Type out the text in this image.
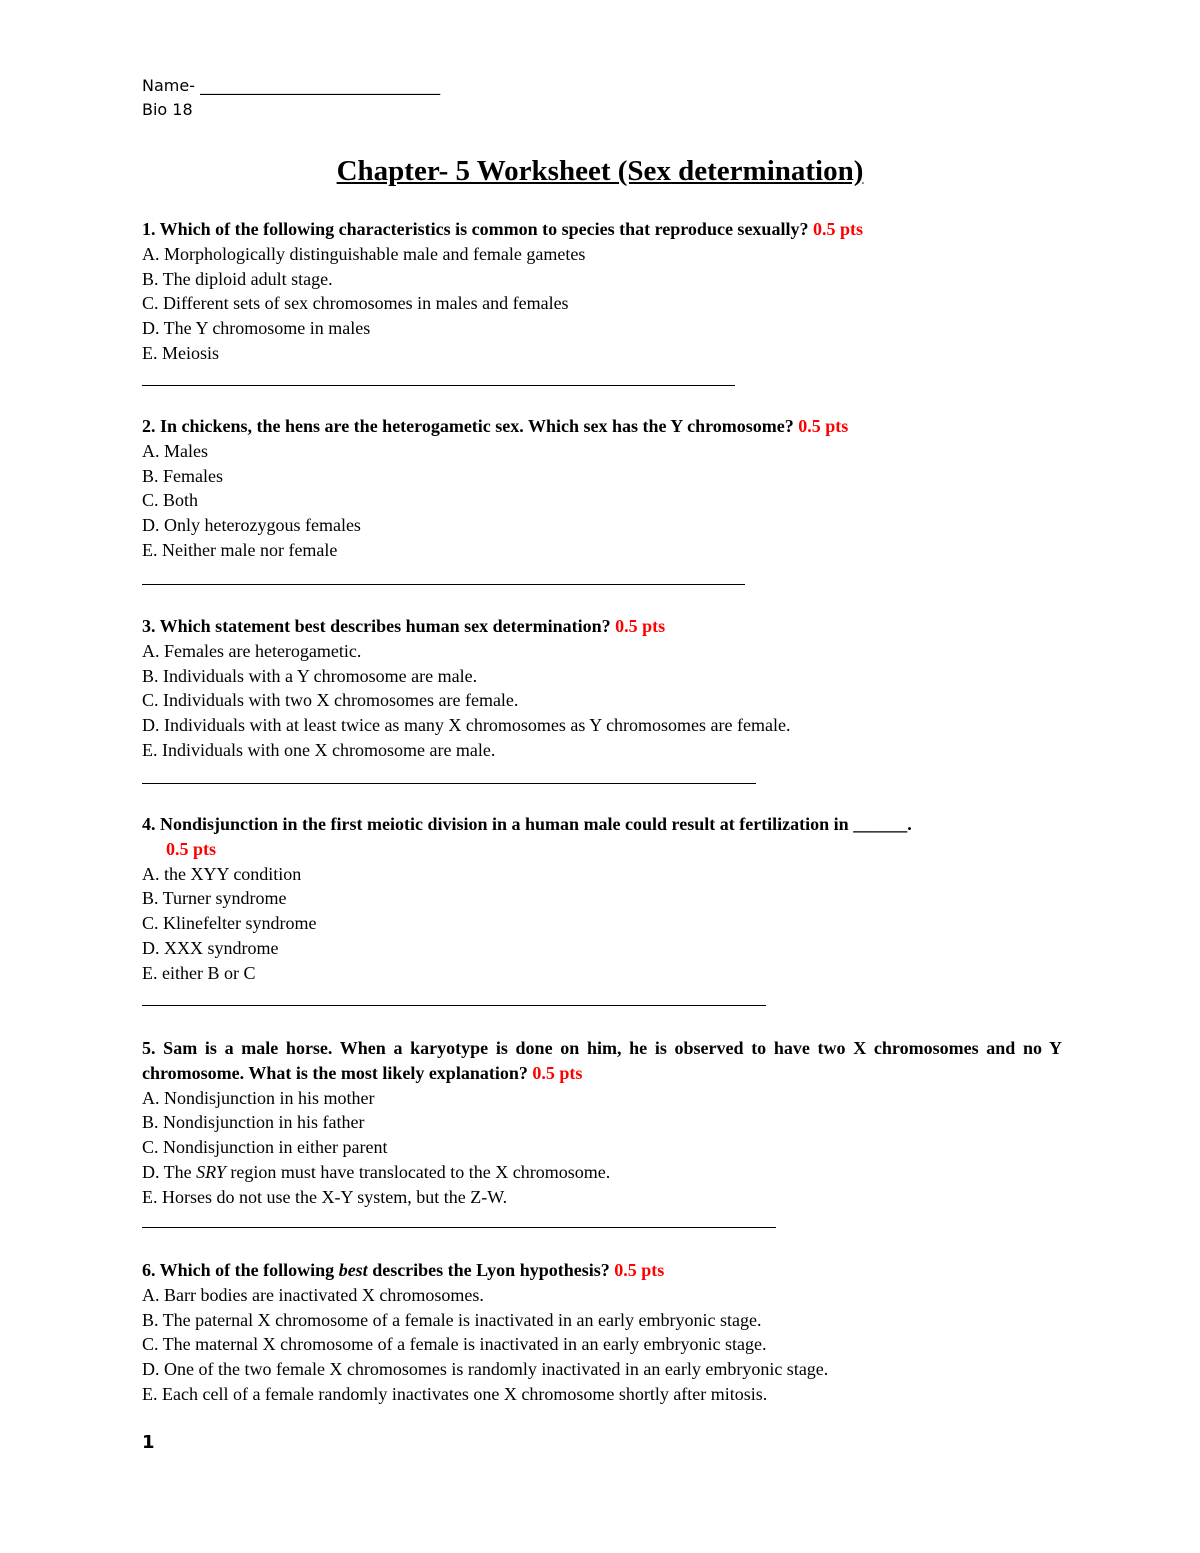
Name- ______________________________
Bio 18
Chapter- 5 Worksheet (Sex determination)
1. Which of the following characteristics is common to species that reproduce sexually? 0.5 pts
A. Morphologically distinguishable male and female gametes
B. The diploid adult stage.
C. Different sets of sex chromosomes in males and females
D. The Y chromosome in males
E. Meiosis
2. In chickens, the hens are the heterogametic sex. Which sex has the Y chromosome? 0.5 pts
A. Males
B. Females
C. Both
D. Only heterozygous females
E. Neither male nor female
3. Which statement best describes human sex determination? 0.5 pts
A. Females are heterogametic.
B. Individuals with a Y chromosome are male.
C. Individuals with two X chromosomes are female.
D. Individuals with at least twice as many X chromosomes as Y chromosomes are female.
E. Individuals with one X chromosome are male.
4. Nondisjunction in the first meiotic division in a human male could result at fertilization in ______.
0.5 pts
A. the XYY condition
B. Turner syndrome
C. Klinefelter syndrome
D. XXX syndrome
E. either B or C
5. Sam is a male horse. When a karyotype is done on him, he is observed to have two X chromosomes and no Y chromosome. What is the most likely explanation? 0.5 pts
A. Nondisjunction in his mother
B. Nondisjunction in his father
C. Nondisjunction in either parent
D. The SRY region must have translocated to the X chromosome.
E. Horses do not use the X-Y system, but the Z-W.
6. Which of the following best describes the Lyon hypothesis? 0.5 pts
A. Barr bodies are inactivated X chromosomes.
B. The paternal X chromosome of a female is inactivated in an early embryonic stage.
C. The maternal X chromosome of a female is inactivated in an early embryonic stage.
D. One of the two female X chromosomes is randomly inactivated in an early embryonic stage.
E. Each cell of a female randomly inactivates one X chromosome shortly after mitosis.
1
